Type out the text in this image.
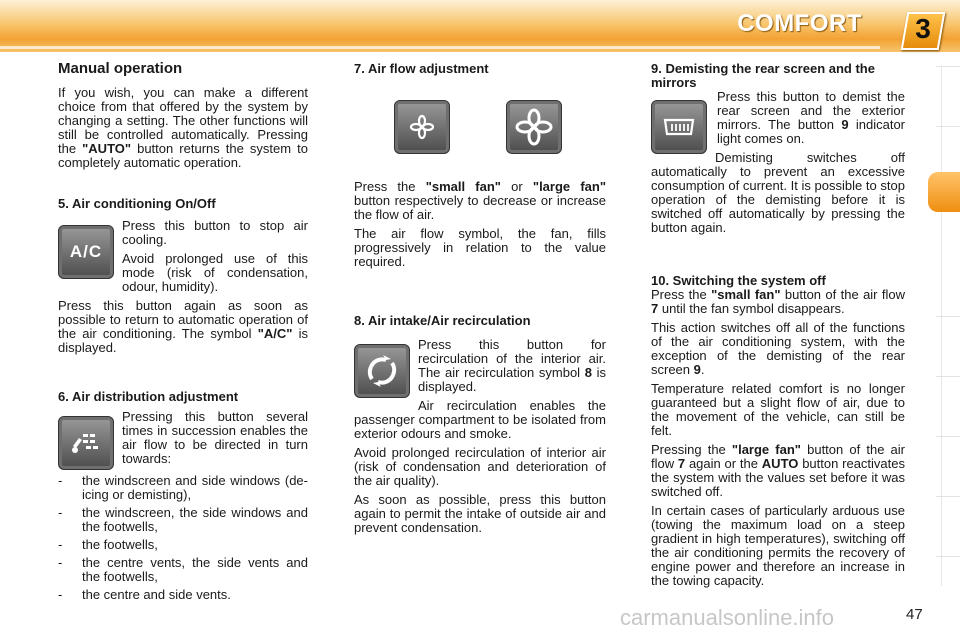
COMFORT	3
Manual operation

If you wish, you can make a different choice from that offered by the system by changing a setting. The other functions will still be controlled automatically. Pressing the "AUTO" button returns the system to completely automatic operation.

5. Air conditioning On/Off
A/C

Press this button to stop air cooling.

Avoid prolonged use of this mode (risk of condensation, odour, humidity).

Press this button again as soon as possible to return to automatic operation of the air conditioning. The symbol "A/C" is displayed.

6. Air distribution adjustment

Pressing this button several times in succession enables the air flow to be directed in turn towards:

- the windscreen and side windows (de-icing or demisting),
- the windscreen, the side windows and the footwells,
- the footwells,
- the centre vents, the side vents and the footwells,
- the centre and side vents.
7. Air flow adjustment

Press the "small fan" or "large fan" button respectively to decrease or increase the flow of air.

The air flow symbol, the fan, fills progressively in relation to the value required.

8. Air intake/Air recirculation

Press this button for recirculation of the interior air. The air recirculation symbol 8 is displayed.

Air recirculation enables the passenger compartment to be isolated from exterior odours and smoke.

Avoid prolonged recirculation of interior air (risk of condensation and deterioration of the air quality).

As soon as possible, press this button again to permit the intake of outside air and prevent condensation.

9. Demisting the rear screen and the mirrors

Press this button to demist the rear screen and the exterior mirrors. The button 9 indicator light comes on.

Demisting switches off automatically to prevent an excessive consumption of current. It is possible to stop operation of the demisting before it is switched off automatically by pressing the button again.

10. Switching the system off

Press the "small fan" button of the air flow 7 until the fan symbol disappears.

This action switches off all of the functions of the air conditioning system, with the exception of the demisting of the rear screen 9.

Temperature related comfort is no longer guaranteed but a slight flow of air, due to the movement of the vehicle, can still be felt.

Pressing the "large fan" button of the air flow 7 again or the AUTO button reactivates the system with the values set before it was switched off.

In certain cases of particularly arduous use (towing the maximum load on a steep gradient in high temperatures), switching off the air conditioning permits the recovery of engine power and therefore an increase in the towing capacity.

carmanualsonline.info	47
